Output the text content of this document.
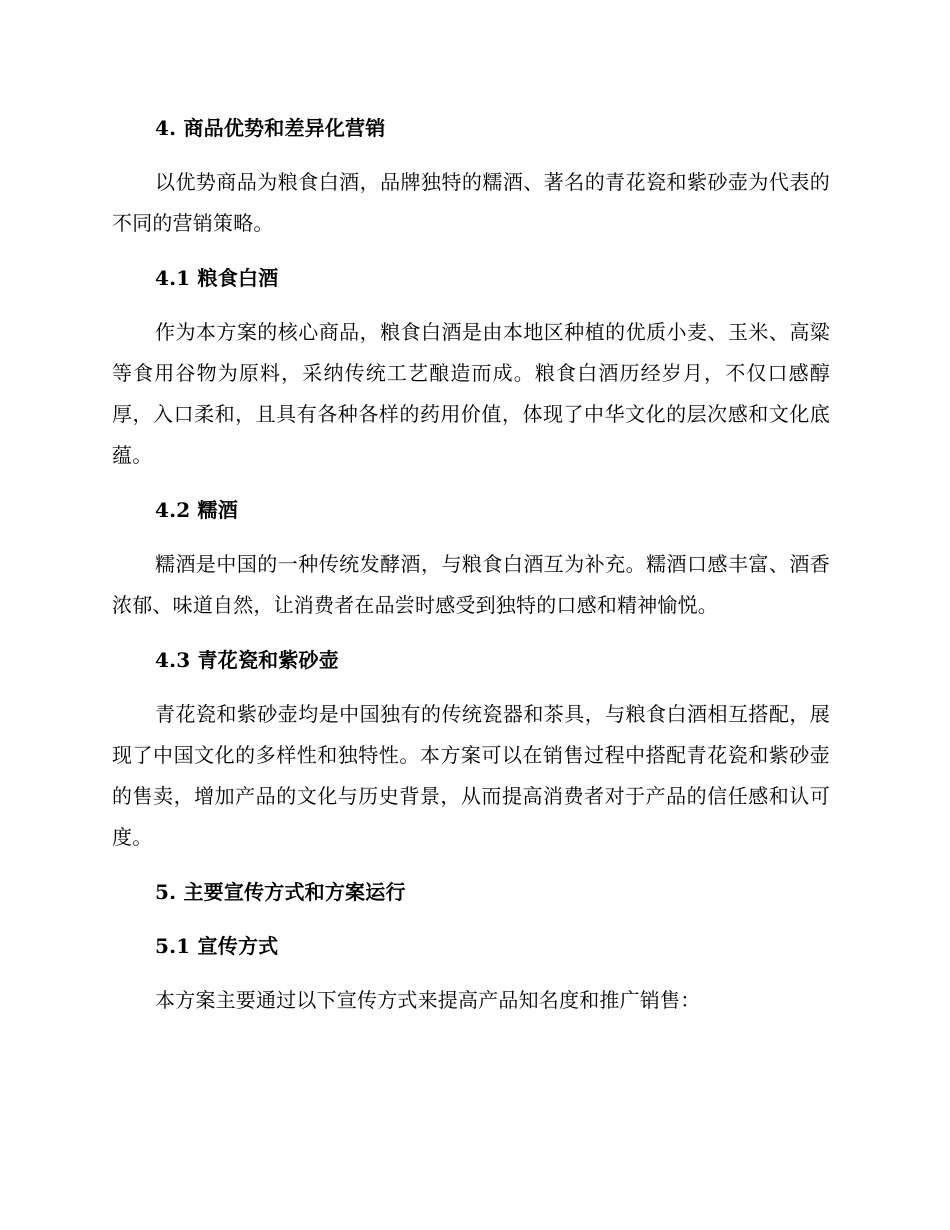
4. 商品优势和差异化营销

以优势商品为粮食白酒，品牌独特的糯酒、著名的青花瓷和紫砂壶为代表的不同的营销策略。

4.1 粮食白酒

作为本方案的核心商品，粮食白酒是由本地区种植的优质小麦、玉米、高粱等食用谷物为原料，采纳传统工艺酿造而成。粮食白酒历经岁月，不仅口感醇厚，入口柔和，且具有各种各样的药用价值，体现了中华文化的层次感和文化底蕴。

4.2 糯酒

糯酒是中国的一种传统发酵酒，与粮食白酒互为补充。糯酒口感丰富、酒香浓郁、味道自然，让消费者在品尝时感受到独特的口感和精神愉悦。

4.3 青花瓷和紫砂壶

青花瓷和紫砂壶均是中国独有的传统瓷器和茶具，与粮食白酒相互搭配，展现了中国文化的多样性和独特性。本方案可以在销售过程中搭配青花瓷和紫砂壶的售卖，增加产品的文化与历史背景，从而提高消费者对于产品的信任感和认可度。

5. 主要宣传方式和方案运行
5.1 宣传方式

本方案主要通过以下宣传方式来提高产品知名度和推广销售：
